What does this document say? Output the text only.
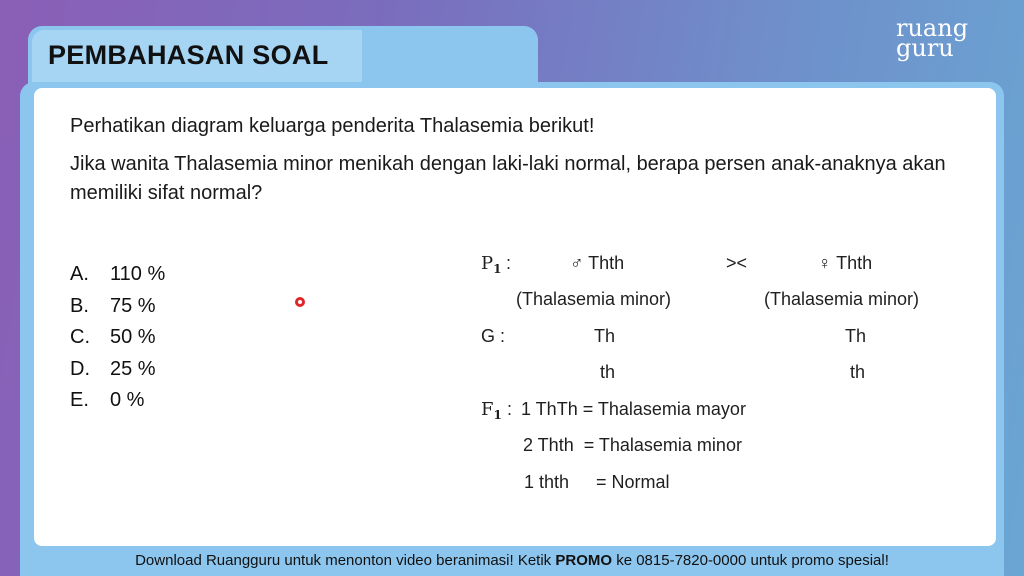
PEMBAHASAN SOAL
ruang
guru
Perhatikan diagram keluarga penderita Thalasemia berikut!
Jika wanita Thalasemia minor menikah dengan laki-laki normal, berapa persen anak-anaknya akan memiliki sifat normal?
A.	110 %
B.	75 %
C.	50 %
D.	25 %
E.	0 %
$P_1$ :	♂ Thth	><	♀ Thth
(Thalasemia minor)	(Thalasemia minor)
G :	Th	Th
th	th
$F_1$ : 1 ThTh = Thalasemia mayor
2 Thth  = Thalasemia minor
1 thth = Normal
Download Ruangguru untuk menonton video beranimasi! Ketik PROMO ke 0815-7820-0000 untuk promo spesial!
